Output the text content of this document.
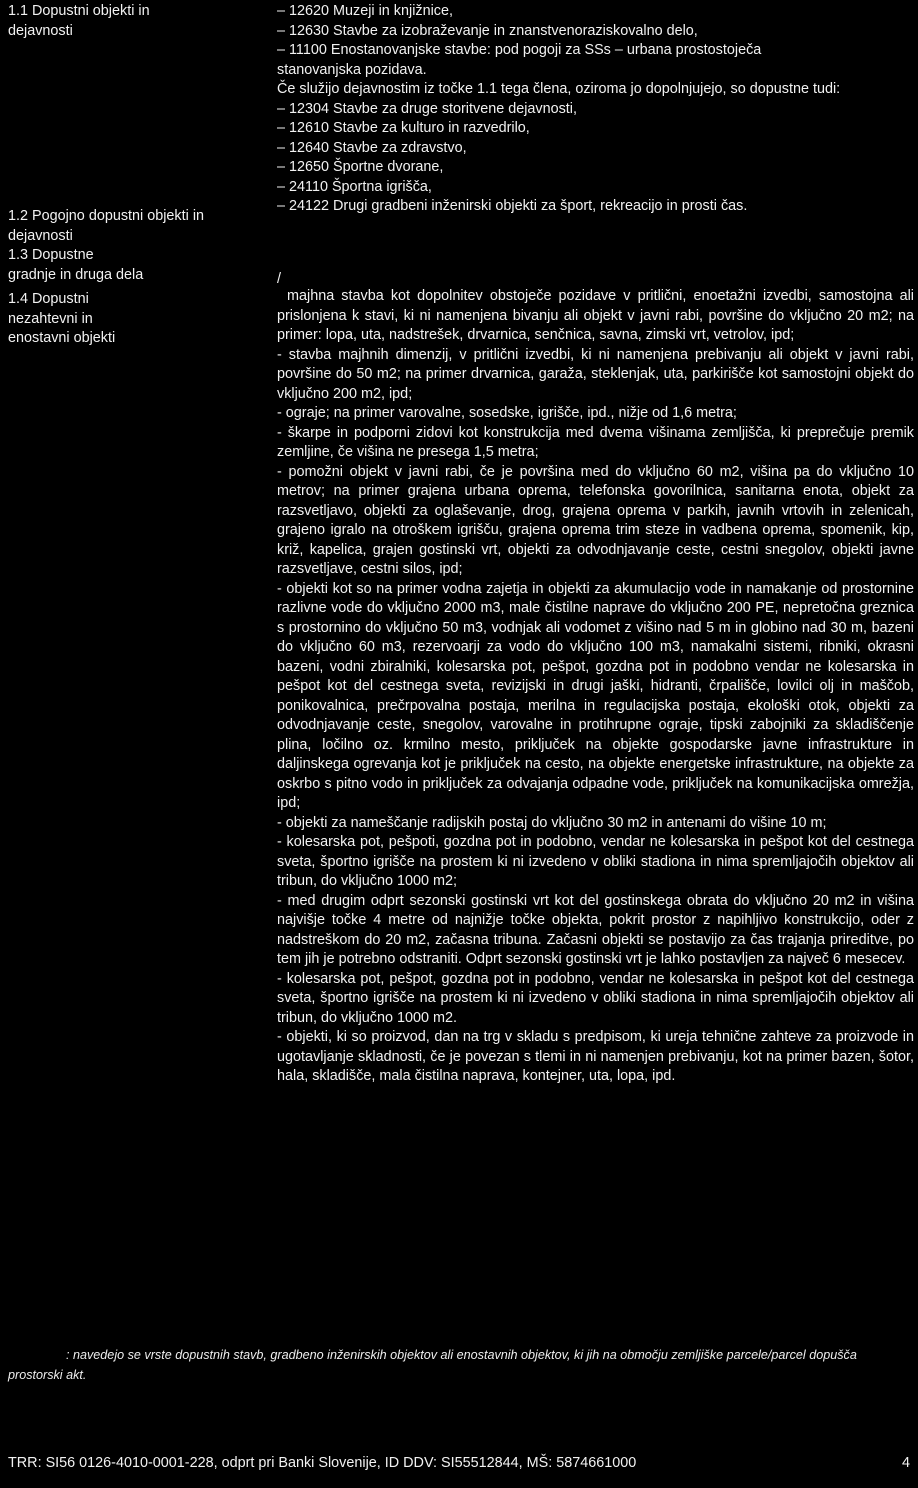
1.1 Dopustni objekti in
dejavnosti
1.2 Pogojno dopustni objekti in
dejavnosti
1.3 Dopustne
gradnje in druga dela
1.4 Dopustni
nezahtevni in
enostavni objekti

– 12620 Muzeji in knjižnice,

– 12630 Stavbe za izobraževanje in znanstvenoraziskovalno delo,

– 11100 Enostanovanjske stavbe: pod pogoji za SSs – urbana prostostoječa

stanovanjska pozidava.

Če služijo dejavnostim iz točke 1.1 tega člena, oziroma jo dopolnjujejo, so dopustne tudi:

– 12304 Stavbe za druge storitvene dejavnosti,

– 12610 Stavbe za kulturo in razvedrilo,

– 12640 Stavbe za zdravstvo,

– 12650 Športne dvorane,

– 24110 Športna igrišča,

– 24122 Drugi gradbeni inženirski objekti za šport, rekreacijo in prosti čas.

/

majhna stavba kot dopolnitev obstoječe pozidave v pritlični, enoetažni izvedbi, samostojna ali prislonjena k stavi, ki ni namenjena bivanju ali objekt v javni rabi, površine do vključno 20 m2; na primer: lopa, uta, nadstrešek, drvarnica, senčnica, savna, zimski vrt, vetrolov, ipd;

- stavba majhnih dimenzij, v pritlični izvedbi, ki ni namenjena prebivanju ali objekt v javni rabi, površine do 50 m2; na primer drvarnica, garaža, steklenjak, uta, parkirišče kot samostojni objekt do vključno 200 m2, ipd;

- ograje; na primer varovalne, sosedske, igrišče, ipd., nižje od 1,6 metra;

- škarpe in podporni zidovi kot konstrukcija med dvema višinama zemljišča, ki preprečuje premik zemljine, če višina ne presega 1,5 metra;

- pomožni objekt v javni rabi, če je površina med do vključno 60 m2, višina pa do vključno 10 metrov; na primer grajena urbana oprema, telefonska govorilnica, sanitarna enota, objekt za razsvetljavo, objekti za oglaševanje, drog, grajena oprema v parkih, javnih vrtovih in zelenicah, grajeno igralo na otroškem igrišču, grajena oprema trim steze in vadbena oprema, spomenik, kip, križ, kapelica, grajen gostinski vrt, objekti za odvodnjavanje ceste, cestni snegolov, objekti javne razsvetljave, cestni silos, ipd;

- objekti kot so na primer vodna zajetja in objekti za akumulacijo vode in namakanje od prostornine razlivne vode do vključno 2000 m3, male čistilne naprave do vključno 200 PE, nepretočna greznica s prostornino do vključno 50 m3, vodnjak ali vodomet z višino nad 5 m in globino nad 30 m, bazeni do vključno 60 m3, rezervoarji za vodo do vključno 100 m3, namakalni sistemi, ribniki, okrasni bazeni, vodni zbiralniki, kolesarska pot, pešpot, gozdna pot in podobno vendar ne kolesarska in pešpot kot del cestnega sveta, revizijski in drugi jaški, hidranti, črpališče, lovilci olj in maščob, ponikovalnica, prečrpovalna postaja, merilna in regulacijska postaja, ekološki otok, objekti za odvodnjavanje ceste, snegolov, varovalne in protihrupne ograje, tipski zabojniki za skladiščenje plina, ločilno oz. krmilno mesto, priključek na objekte gospodarske javne infrastrukture in daljinskega ogrevanja kot je priključek na cesto, na objekte energetske infrastrukture, na objekte za oskrbo s pitno vodo in priključek za odvajanja odpadne vode, priključek na komunikacijska omrežja, ipd;

- objekti za nameščanje radijskih postaj do vključno 30 m2 in antenami do višine 10 m;

- kolesarska pot, pešpoti, gozdna pot in podobno, vendar ne kolesarska in pešpot kot del cestnega sveta, športno igrišče na prostem ki ni izvedeno v obliki stadiona in nima spremljajočih objektov ali tribun, do vključno 1000 m2;

- med drugim odprt sezonski gostinski vrt kot del gostinskega obrata do vključno 20 m2 in višina najvišje točke 4 metre od najnižje točke objekta, pokrit prostor z napihljivo konstrukcijo, oder z nadstreškom do 20 m2, začasna tribuna. Začasni objekti se postavijo za čas trajanja prireditve, po tem jih je potrebno odstraniti. Odprt sezonski gostinski vrt je lahko postavljen za največ 6 mesecev.

- kolesarska pot, pešpot, gozdna pot in podobno, vendar ne kolesarska in pešpot kot del cestnega sveta, športno igrišče na prostem ki ni izvedeno v obliki stadiona in nima spremljajočih objektov ali tribun, do vključno 1000 m2.

- objekti, ki so proizvod, dan na trg v skladu s predpisom, ki ureja tehnične zahteve za proizvode in ugotavljanje skladnosti, če je povezan s tlemi in ni namenjen prebivanju, kot na primer bazen, šotor, hala, skladišče, mala čistilna naprava, kontejner, uta, lopa, ipd.

: navedejo se vrste dopustnih stavb, gradbeno inženirskih objektov ali enostavnih objektov, ki jih na območju zemljiške parcele/parcel dopušča prostorski akt.
TRR: SI56 0126-4010-0001-228, odprt pri Banki Slovenije, ID DDV: SI55512844, MŠ: 5874661000	4
